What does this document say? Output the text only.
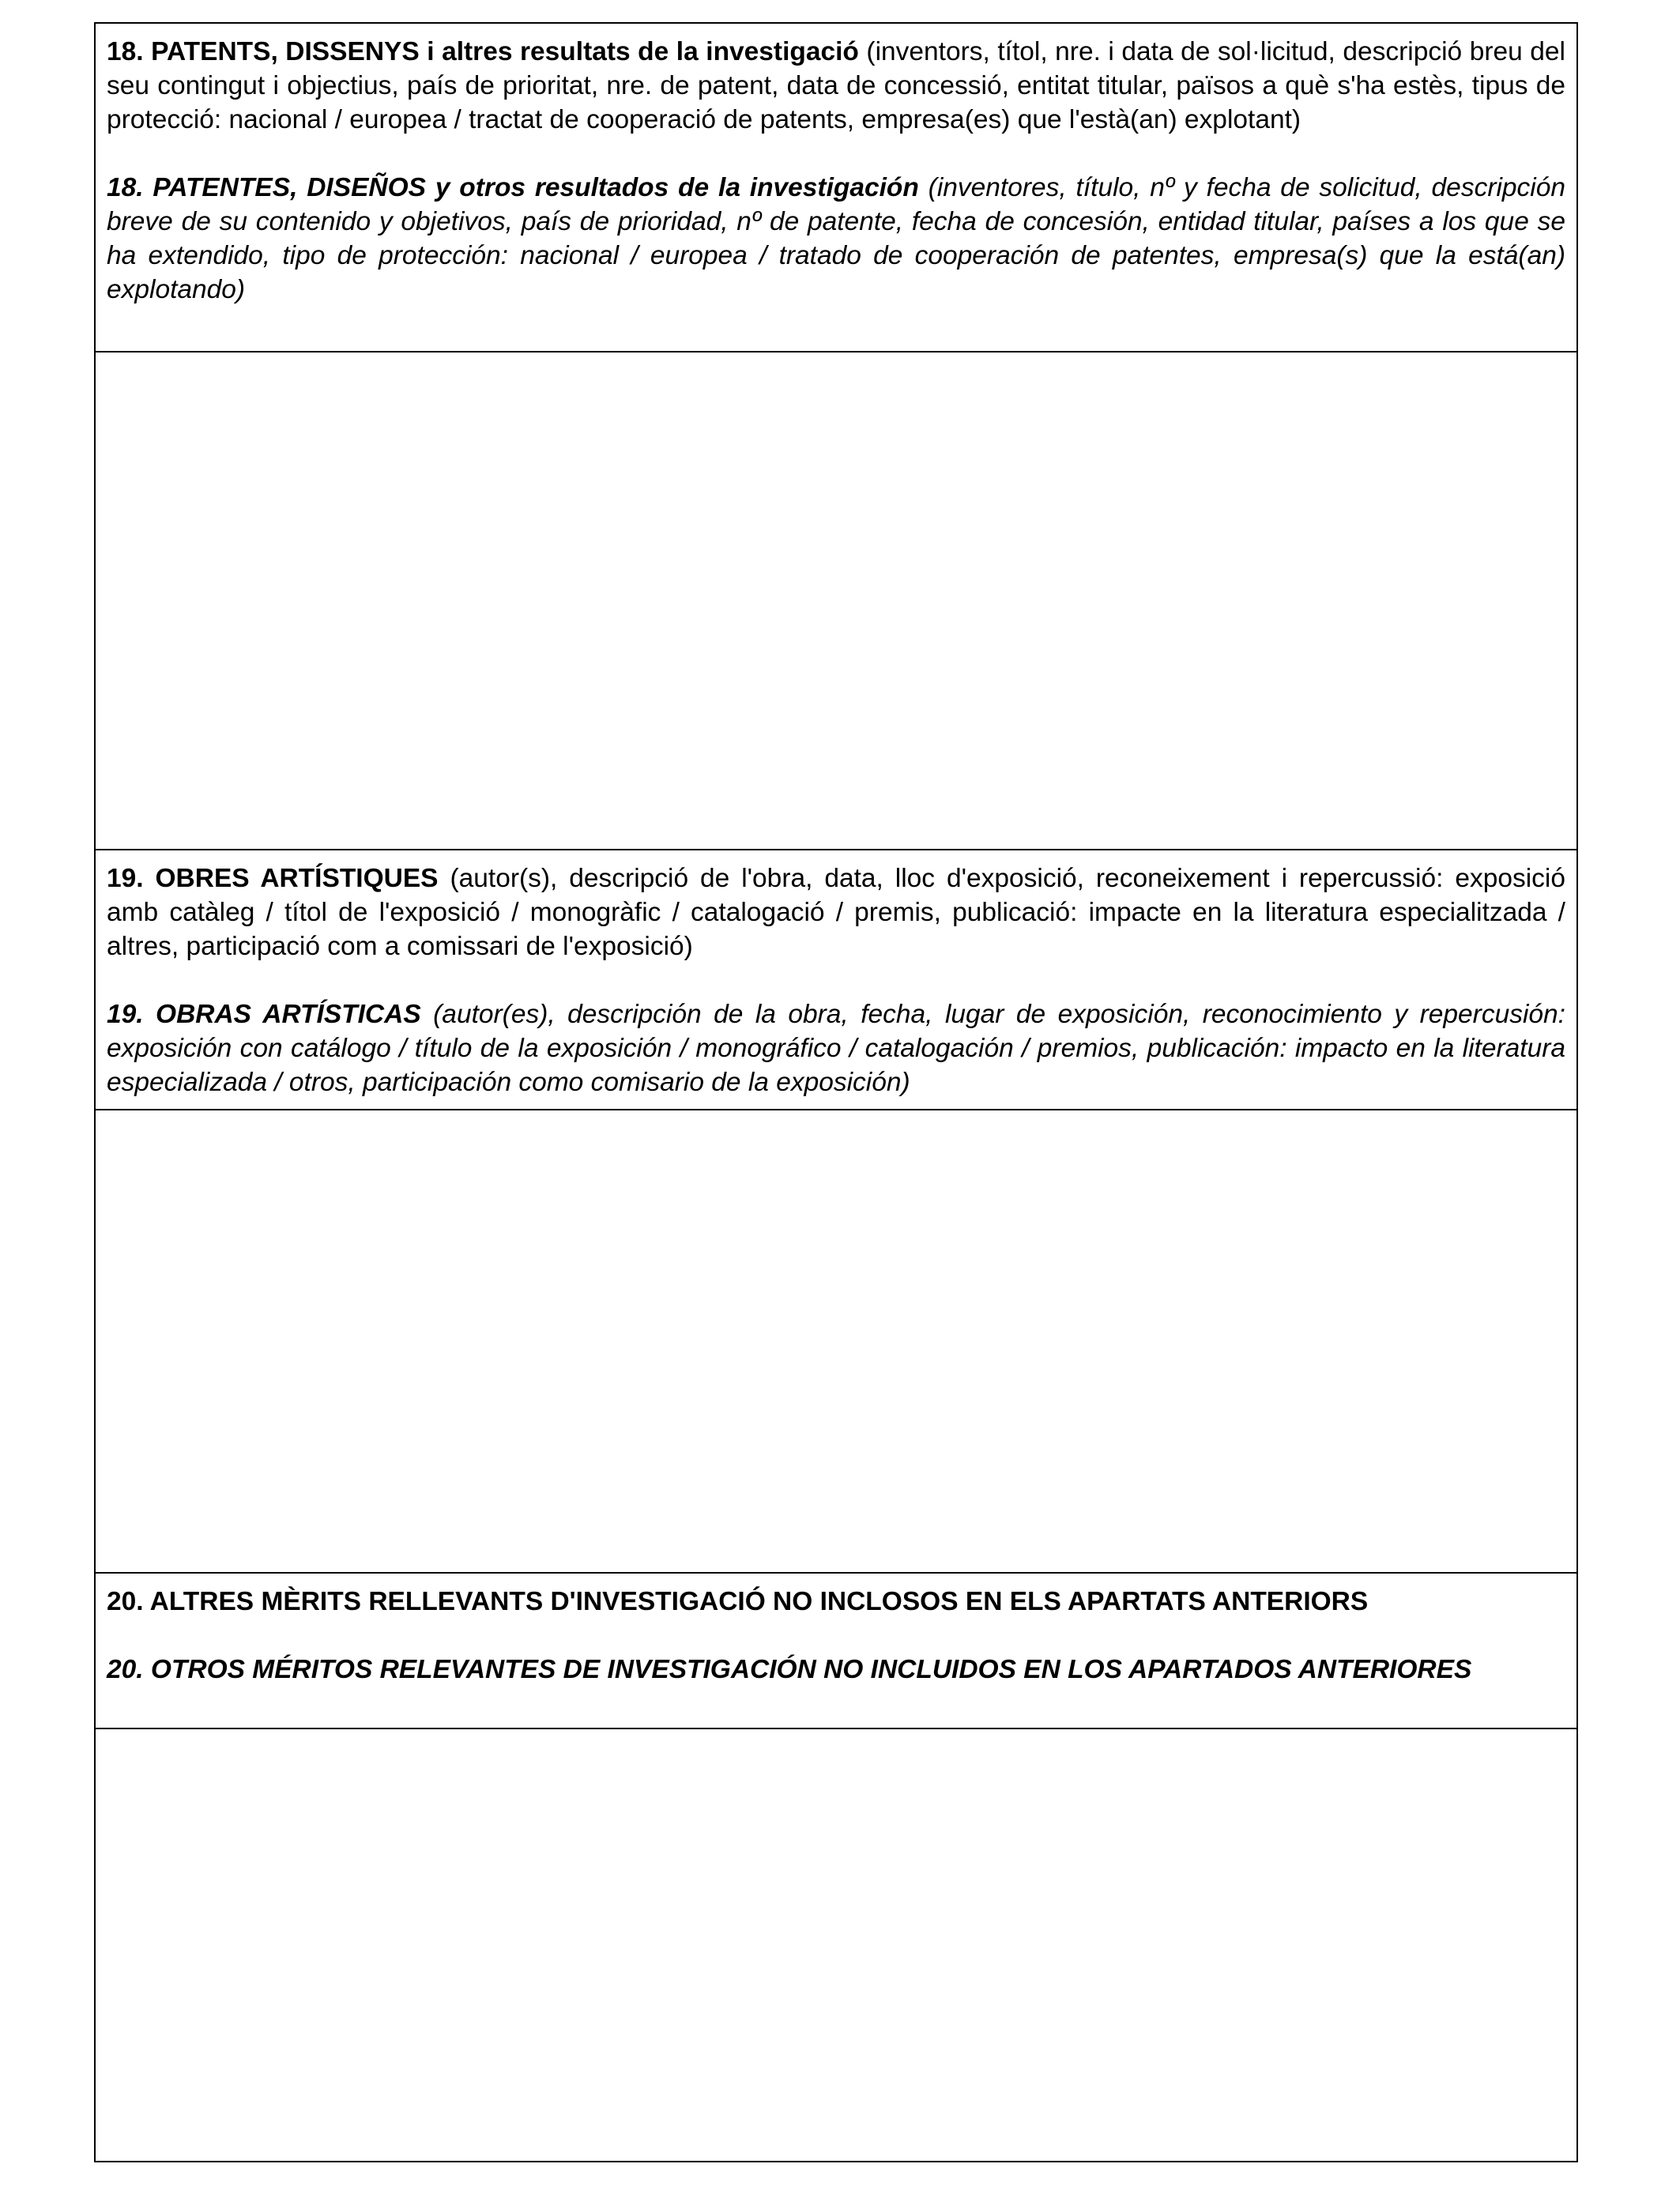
18. PATENTS, DISSENYS i altres resultats de la investigació (inventors, títol, nre. i data de sol·licitud, descripció breu del seu contingut i objectius, país de prioritat, nre. de patent, data de concessió, entitat titular, països a què s'ha estès, tipus de protecció: nacional / europea / tractat de cooperació de patents, empresa(es) que l'està(an) explotant)

18. PATENTES, DISEÑOS y otros resultados de la investigación (inventores, título, nº y fecha de solicitud, descripción breve de su contenido y objetivos, país de prioridad, nº de patente, fecha de concesión, entidad titular, países a los que se ha extendido, tipo de protección: nacional / europea / tratado de cooperación de patentes, empresa(s) que la está(an) explotando)

19. OBRES ARTÍSTIQUES (autor(s), descripció de l'obra, data, lloc d'exposició, reconeixement i repercussió: exposició amb catàleg / títol de l'exposició / monogràfic / catalogació / premis, publicació: impacte en la literatura especialitzada / altres, participació com a comissari de l'exposició)

19. OBRAS ARTÍSTICAS (autor(es), descripción de la obra, fecha, lugar de exposición, reconocimiento y repercusión: exposición con catálogo / título de la exposición / monográfico / catalogación / premios, publicación: impacto en la literatura especializada / otros, participación como comisario de la exposición)

20. ALTRES MÈRITS RELLEVANTS D'INVESTIGACIÓ NO INCLOSOS EN ELS APARTATS ANTERIORS

20. OTROS MÉRITOS RELEVANTES DE INVESTIGACIÓN NO INCLUIDOS EN LOS APARTADOS ANTERIORES
